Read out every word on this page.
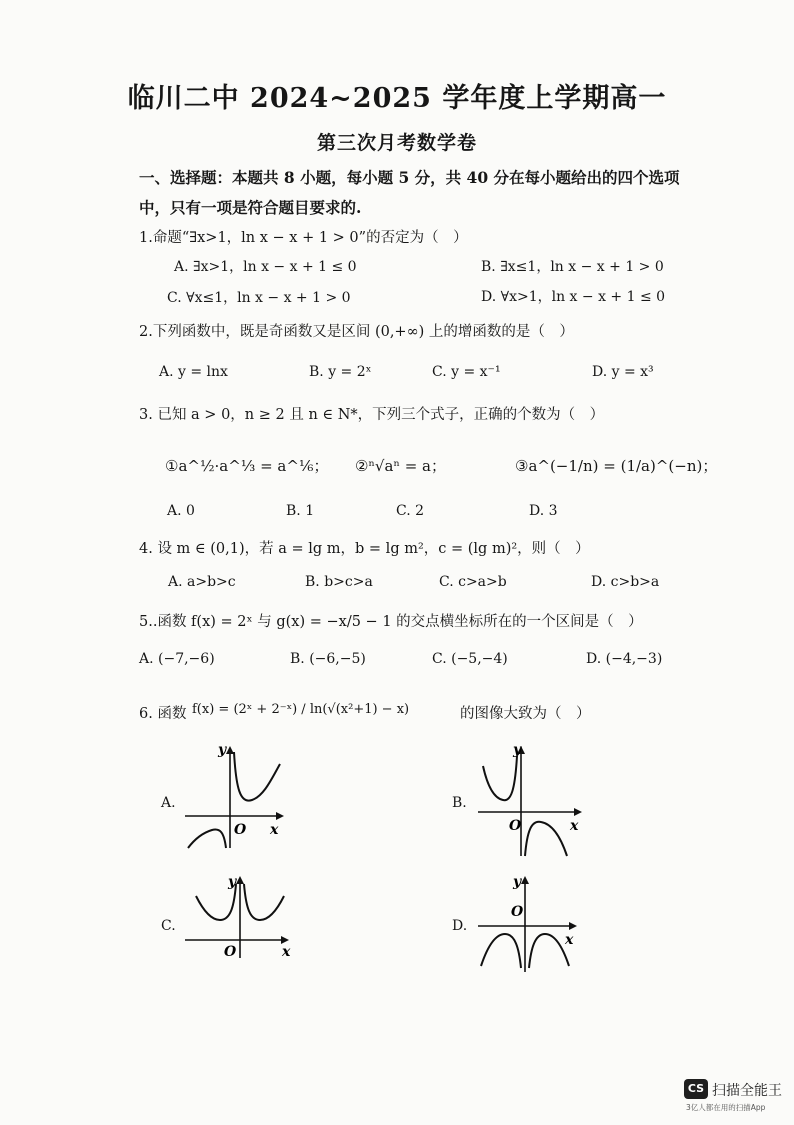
临川二中 2024~2025 学年度上学期高一
第三次月考数学卷
一、选择题：本题共 8 小题，每小题 5 分，共 40 分在每小题给出的四个选项中，只有一项是符合题目要求的.
1.命题“∃x>1，ln x − x + 1 > 0”的否定为（　）
A. ∃x>1，ln x − x + 1 ≤ 0	B. ∃x≤1，ln x − x + 1 > 0
C. ∀x≤1，ln x − x + 1 > 0	D. ∀x>1，ln x − x + 1 ≤ 0
2.下列函数中，既是奇函数又是区间 (0,+∞) 上的增函数的是（　）
A. y = lnx	B. y = 2ˣ	C. y = x⁻¹	D. y = x³
3. 已知 a > 0，n ≥ 2 且 n ∈ N*，下列三个式子，正确的个数为（　）
①a^½·a^⅓ = a^⅙； ②ⁿ√aⁿ = a；	③a^(−1/n) = (1/a)^(−n)；
A. 0	B. 1	C. 2	D. 3
4. 设 m ∈ (0,1)，若 a = lg m，b = lg m²，c = (lg m)²，则（　）
A. a>b>c	B. b>c>a	C. c>a>b	D. c>b>a
5..函数 f(x) = 2ˣ 与 g(x) = −x/5 − 1 的交点横坐标所在的一个区间是（　）
A. (−7,−6)	B. (−6,−5)	C. (−5,−4)	D. (−4,−3)
6. 函数 f(x) = (2ˣ + 2⁻ˣ) / ln(√(x²+1) − x)	的图像大致为（　）
A.	B.
C.	D.
y
x
O
y
x
O
y
x
O
y
x
O
CS 扫描全能王
3亿人都在用的扫描App
